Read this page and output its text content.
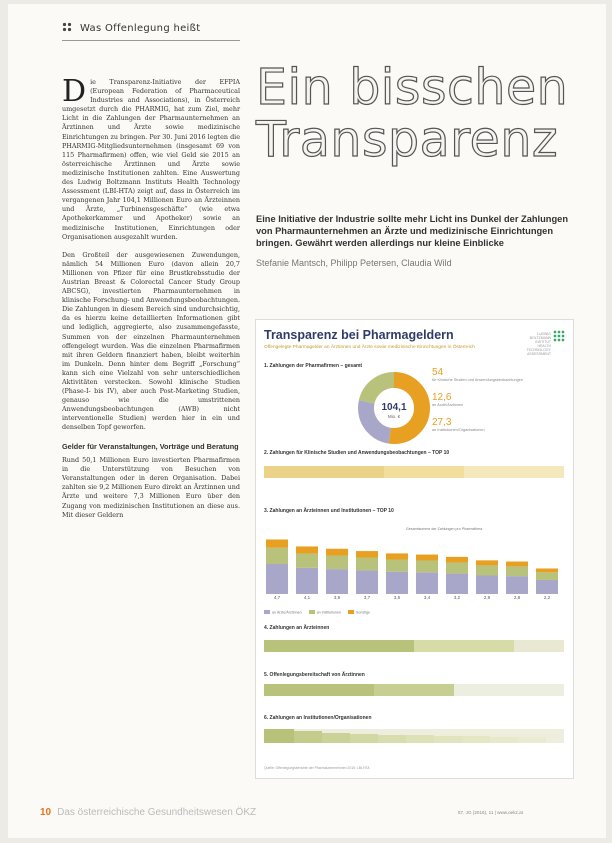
Was Offenlegung heißt

Die Transparenz-Initiative der EFPIA (European Federation of Pharmaceutical Industries and Associations), in Österreich umgesetzt durch die PHARMIG, hat zum Ziel, mehr Licht in die Zahlungen der Pharmaunternehmen an Ärztinnen und Ärzte sowie medizinische Einrichtungen zu bringen. Per 30. Juni 2016 legten die PHARMIG-Mitgliedsunternehmen (insgesamt 69 von 115 Pharmafirmen) offen, wie viel Geld sie 2015 an österreichische Ärztinnen und Ärzte sowie medizinische Institutionen zahlten. Eine Auswertung des Ludwig Boltzmann Instituts Health Technology Assessment (LBI-HTA) zeigt auf, dass in Österreich im vergangenen Jahr 104,1 Millionen Euro an Ärzteinnen und Ärzte, „Turbinensgeschäfte“ (wie etwa Apothekerkammer und Apotheker) sowie an medizinische Institutionen, Einrichtungen oder Organisationen ausgezahlt wurden.

Den Großteil der ausgewiesenen Zuwendungen, nämlich 54 Millionen Euro (davon allein 20,7 Millionen von Pfizer für eine Brustkrebsstudie der Austrian Breast & Colorectal Cancer Study Group ABCSG), investierten Pharmaunternehmen in klinische Forschung- und Anwendungsbeobachtungen. Die Zahlungen in diesem Bereich sind undurchsichtig, da es hierzu keine detaillierten Informationen gibt und lediglich, aggregierte, also zusammengefasste, Summen von der einzelnen Pharmaunternehmen offengelegt wurden. Was die einzelnen Pharmafirmen mit ihren Geldern finanziert haben, bleibt weiterhin im Dunkeln. Denn hinter dem Begriff „Forschung“ kann sich eine Vielzahl von sehr unterschiedlichen Aktivitäten verstecken. Sowohl klinische Studien (Phase-I- bis IV), aber auch Post-Marketing Studien, genauso wie die umstrittenen Anwendungsbeobachtungen (AWB) nicht interventionelle Studien) werden hier in ein und denselben Topf geworfen.

Gelder für Veranstaltungen, Vorträge und Beratung

Rund 50,1 Millionen Euro investierten Pharmafirmen in die Unterstützung von Besuchen von Veranstaltungen oder in deren Organisation. Dabei zahlten sie 9,2 Millionen Euro direkt an Ärztinnen und Ärzte und weitere 7,3 Millionen Euro über den Zugang von medizinischen Institutionen an diese aus. Mit dieser Geldern

Ein bisschen Transparenz
Eine Initiative der Industrie sollte mehr Licht ins Dunkel der Zahlungen von Pharmaunternehmen an Ärzte und medizinische Einrichtungen bringen. Gewährt werden allerdings nur kleine Einblicke
Stefanie Mantsch, Philipp Petersen, Claudia Wild
Transparenz bei Pharmageldern
Offengelegte Pharmagelder an Ärztinnen und Ärzte sowie medizinische Einrichtungen in Österreich
LUDWIG BOLTZMANN INSTITUT HEALTH TECHNOLOGY ASSESSMENT
1. Zahlungen der Pharmafirmen – gesamt
104,1
Mio. €
54
für Klinische Studien und Anwendungsbeobachtungen
12,6
an Ärzte/Ärztinnen
27,3
an Institutionen/Organisationen
2. Zahlungen für Klinische Studien und Anwendungsbeobachtungen – TOP 10
3. Zahlungen an Ärzteinnen und Institutionen – TOP 10
Gesamtsumme der Zahlungen pro Pharmafirma
4,7	4,1	3,9	3,7	3,5	3,4	3,2	2,9	2,8	2,2
an Ärzte/Ärztinnen	an Institutionen	Sonstige
4. Zahlungen an Ärzteinnen
5. Offenlegungsbereitschaft von Ärztinnen
6. Zahlungen an Institutionen/Organisationen
Quelle: Offenlegungsberichte der Pharmaunternehmen 2015; LBI-HTA
10 Das österreichische Gesundheitswesen ÖKZ	57. JG (2016), 11 | www.oekz.at
